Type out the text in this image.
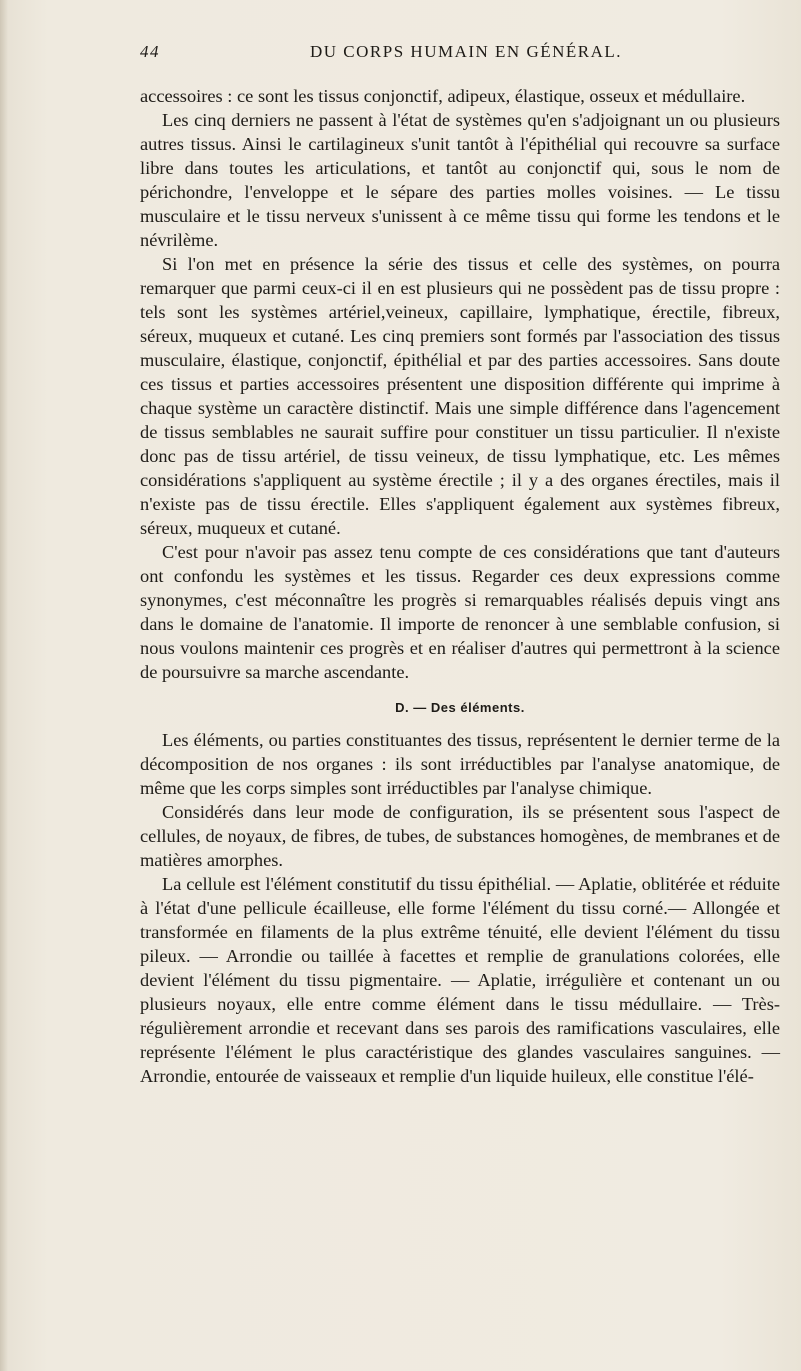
44	DU CORPS HUMAIN EN GÉNÉRAL.

accessoires : ce sont les tissus conjonctif, adipeux, élastique, osseux et médullaire.

Les cinq derniers ne passent à l'état de systèmes qu'en s'adjoignant un ou plusieurs autres tissus. Ainsi le cartilagineux s'unit tantôt à l'épithélial qui recouvre sa surface libre dans toutes les articulations, et tantôt au conjonctif qui, sous le nom de périchondre, l'enveloppe et le sépare des parties molles voisines. — Le tissu musculaire et le tissu nerveux s'unissent à ce même tissu qui forme les tendons et le névrilème.

Si l'on met en présence la série des tissus et celle des systèmes, on pourra remarquer que parmi ceux-ci il en est plusieurs qui ne possèdent pas de tissu propre : tels sont les systèmes artériel,veineux, capillaire, lymphatique, érectile, fibreux, séreux, muqueux et cutané. Les cinq premiers sont formés par l'association des tissus musculaire, élastique, conjonctif, épithélial et par des parties accessoires. Sans doute ces tissus et parties accessoires présentent une disposition différente qui imprime à chaque système un caractère distinctif. Mais une simple différence dans l'agencement de tissus semblables ne saurait suffire pour constituer un tissu particulier. Il n'existe donc pas de tissu artériel, de tissu veineux, de tissu lymphatique, etc. Les mêmes considérations s'appliquent au système érectile ; il y a des organes érectiles, mais il n'existe pas de tissu érectile. Elles s'appliquent également aux systèmes fibreux, séreux, muqueux et cutané.

C'est pour n'avoir pas assez tenu compte de ces considérations que tant d'auteurs ont confondu les systèmes et les tissus. Regarder ces deux expressions comme synonymes, c'est méconnaître les progrès si remarquables réalisés depuis vingt ans dans le domaine de l'anatomie. Il importe de renoncer à une semblable confusion, si nous voulons maintenir ces progrès et en réaliser d'autres qui permettront à la science de poursuivre sa marche ascendante.

D. — Des éléments.

Les éléments, ou parties constituantes des tissus, représentent le dernier terme de la décomposition de nos organes : ils sont irréductibles par l'analyse anatomique, de même que les corps simples sont irréductibles par l'analyse chimique.

Considérés dans leur mode de configuration, ils se présentent sous l'aspect de cellules, de noyaux, de fibres, de tubes, de substances homogènes, de membranes et de matières amorphes.

La cellule est l'élément constitutif du tissu épithélial. — Aplatie, oblitérée et réduite à l'état d'une pellicule écailleuse, elle forme l'élément du tissu corné.— Allongée et transformée en filaments de la plus extrême ténuité, elle devient l'élément du tissu pileux. — Arrondie ou taillée à facettes et remplie de granulations colorées, elle devient l'élément du tissu pigmentaire. — Aplatie, irrégulière et contenant un ou plusieurs noyaux, elle entre comme élément dans le tissu médullaire. — Très-régulièrement arrondie et recevant dans ses parois des ramifications vasculaires, elle représente l'élément le plus caractéristique des glandes vasculaires sanguines. — Arrondie, entourée de vaisseaux et remplie d'un liquide huileux, elle constitue l'élé-
